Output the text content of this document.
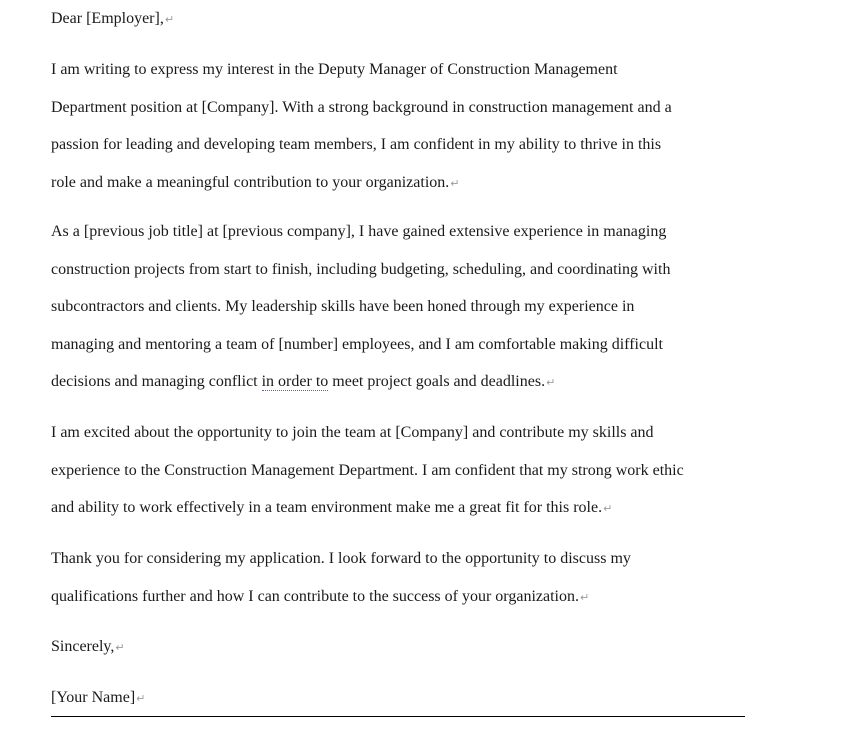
Dear [Employer],↵

I am writing to express my interest in the Deputy Manager of Construction Management
Department position at [Company]. With a strong background in construction management and a
passion for leading and developing team members, I am confident in my ability to thrive in this
role and make a meaningful contribution to your organization.↵

As a [previous job title] at [previous company], I have gained extensive experience in managing
construction projects from start to finish, including budgeting, scheduling, and coordinating with
subcontractors and clients. My leadership skills have been honed through my experience in
managing and mentoring a team of [number] employees, and I am comfortable making difficult
decisions and managing conflict in order to meet project goals and deadlines.↵

I am excited about the opportunity to join the team at [Company] and contribute my skills and
experience to the Construction Management Department. I am confident that my strong work ethic
and ability to work effectively in a team environment make me a great fit for this role.↵

Thank you for considering my application. I look forward to the opportunity to discuss my
qualifications further and how I can contribute to the success of your organization.↵

Sincerely,↵

[Your Name]↵
